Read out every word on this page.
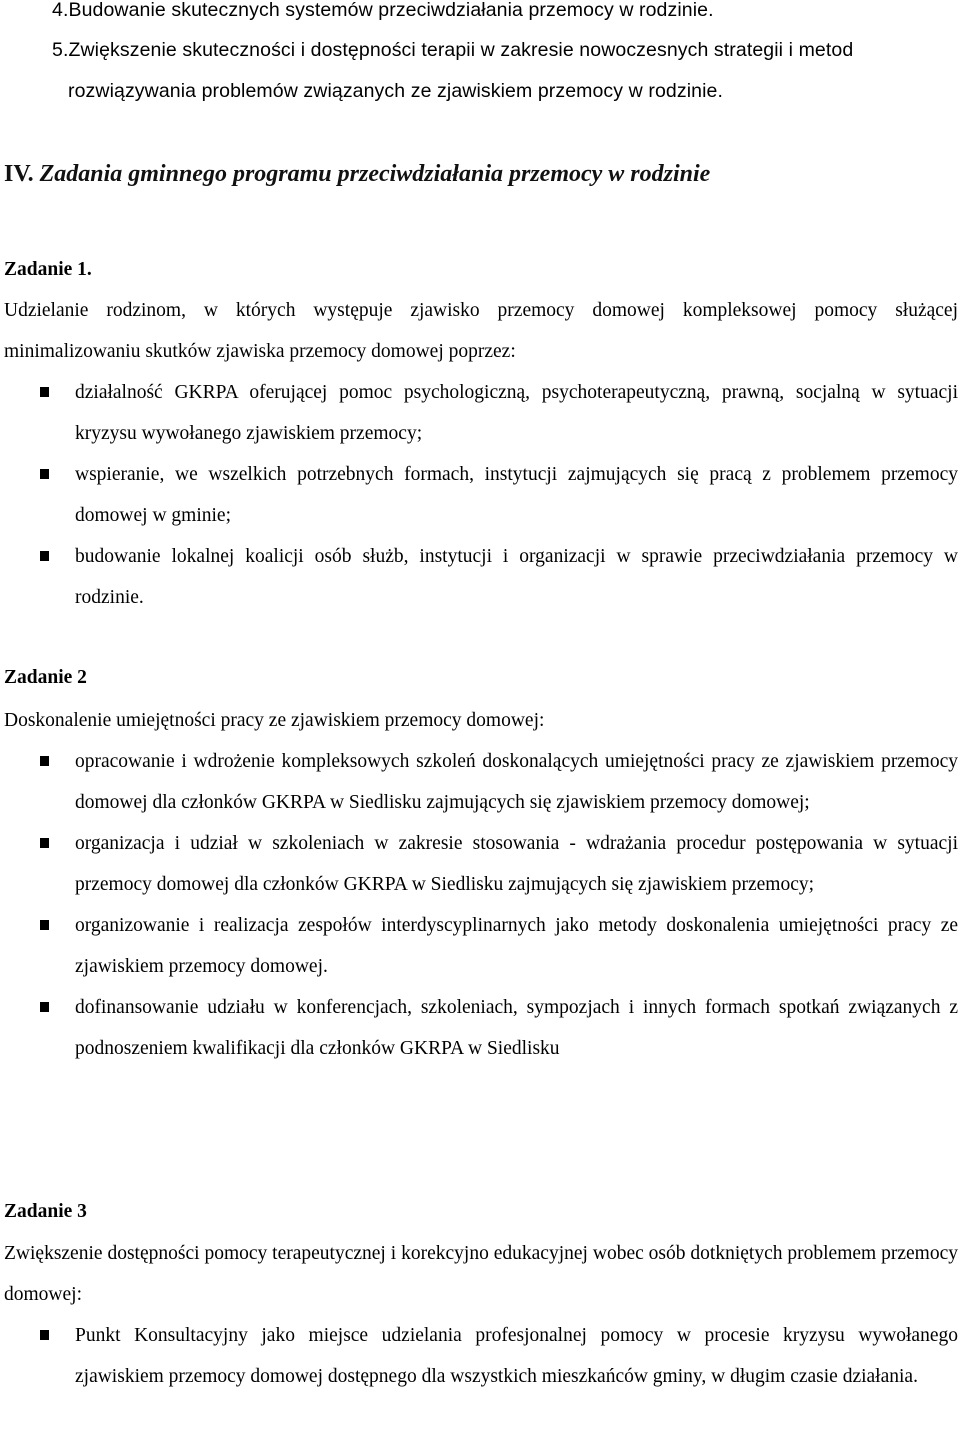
4.Budowanie skutecznych systemów przeciwdziałania przemocy w rodzinie.
5.Zwiększenie skuteczności i dostępności terapii w zakresie nowoczesnych strategii i metod
rozwiązywania problemów związanych ze zjawiskiem przemocy w rodzinie.
IV. Zadania gminnego programu przeciwdziałania przemocy w rodzinie
Zadanie 1.
Udzielanie rodzinom, w których występuje zjawisko przemocy domowej kompleksowej pomocy służącej minimalizowaniu skutków zjawiska przemocy domowej poprzez:
działalność GKRPA oferującej pomoc psychologiczną, psychoterapeutyczną, prawną, socjalną w sytuacji kryzysu wywołanego zjawiskiem przemocy;
wspieranie, we wszelkich potrzebnych formach, instytucji zajmujących się pracą z problemem przemocy domowej w gminie;
budowanie lokalnej koalicji osób służb, instytucji i organizacji w sprawie przeciwdziałania przemocy w rodzinie.
Zadanie 2
Doskonalenie umiejętności pracy ze zjawiskiem przemocy domowej:
opracowanie i wdrożenie kompleksowych szkoleń doskonalących umiejętności pracy ze zjawiskiem przemocy domowej dla członków GKRPA w Siedlisku zajmujących się zjawiskiem przemocy domowej;
organizacja i udział w szkoleniach w zakresie stosowania - wdrażania procedur postępowania w sytuacji przemocy domowej dla członków GKRPA w Siedlisku zajmujących się zjawiskiem przemocy;
organizowanie i realizacja zespołów interdyscyplinarnych jako metody doskonalenia umiejętności pracy ze zjawiskiem przemocy domowej.
dofinansowanie udziału w konferencjach, szkoleniach, sympozjach i innych formach spotkań związanych z podnoszeniem kwalifikacji dla członków GKRPA w Siedlisku
Zadanie 3
Zwiększenie dostępności pomocy terapeutycznej i korekcyjno edukacyjnej wobec osób dotkniętych problemem przemocy domowej:
Punkt Konsultacyjny jako miejsce udzielania profesjonalnej pomocy w procesie kryzysu wywołanego zjawiskiem przemocy domowej dostępnego dla wszystkich mieszkańców gminy, w długim czasie działania.
